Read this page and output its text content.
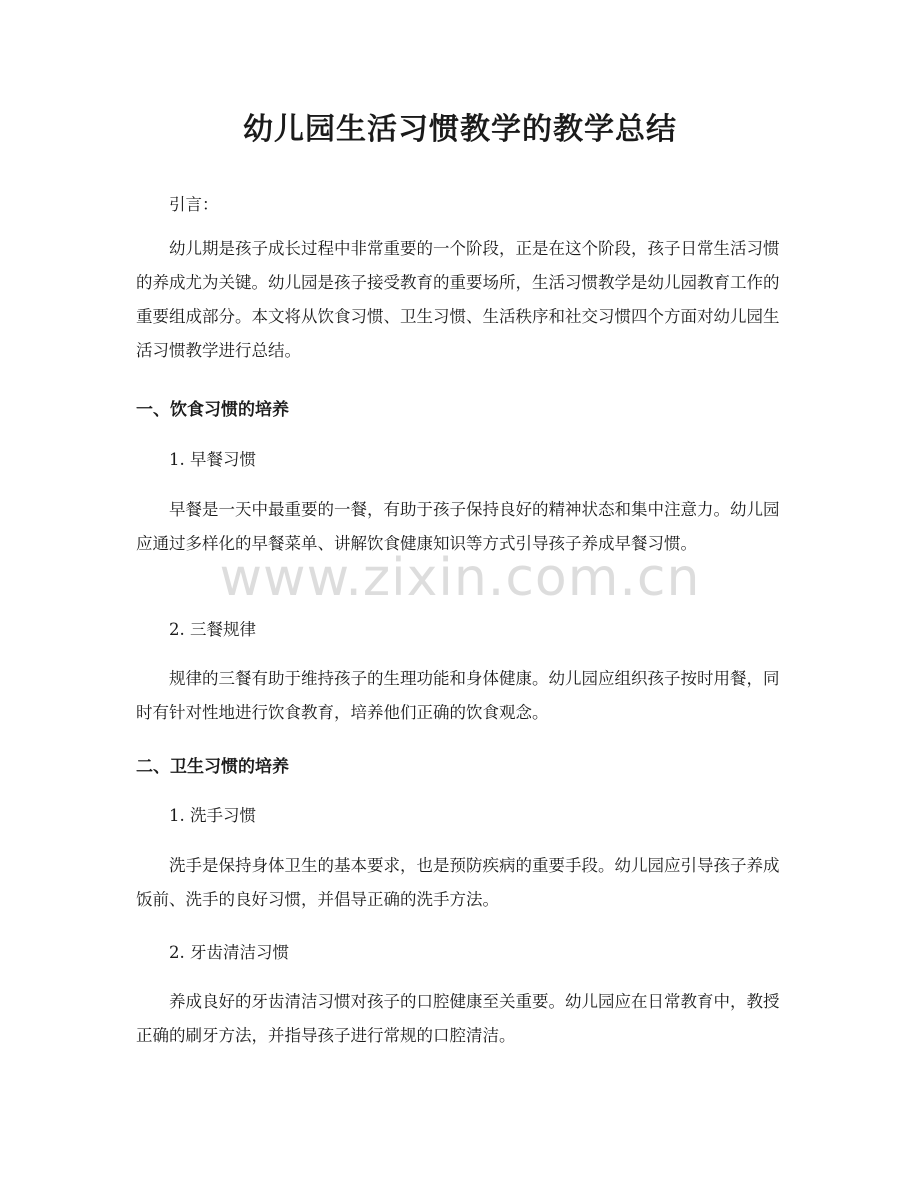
幼儿园生活习惯教学的教学总结

引言：

幼儿期是孩子成长过程中非常重要的一个阶段，正是在这个阶段，孩子日常生活习惯的养成尤为关键。幼儿园是孩子接受教育的重要场所，生活习惯教学是幼儿园教育工作的重要组成部分。本文将从饮食习惯、卫生习惯、生活秩序和社交习惯四个方面对幼儿园生活习惯教学进行总结。

一、饮食习惯的培养

1. 早餐习惯

早餐是一天中最重要的一餐，有助于孩子保持良好的精神状态和集中注意力。幼儿园应通过多样化的早餐菜单、讲解饮食健康知识等方式引导孩子养成早餐习惯。

2. 三餐规律

规律的三餐有助于维持孩子的生理功能和身体健康。幼儿园应组织孩子按时用餐，同时有针对性地进行饮食教育，培养他们正确的饮食观念。

二、卫生习惯的培养

1. 洗手习惯

洗手是保持身体卫生的基本要求，也是预防疾病的重要手段。幼儿园应引导孩子养成饭前、洗手的良好习惯，并倡导正确的洗手方法。

2. 牙齿清洁习惯

养成良好的牙齿清洁习惯对孩子的口腔健康至关重要。幼儿园应在日常教育中，教授正确的刷牙方法，并指导孩子进行常规的口腔清洁。

www.zixin.com.cn
